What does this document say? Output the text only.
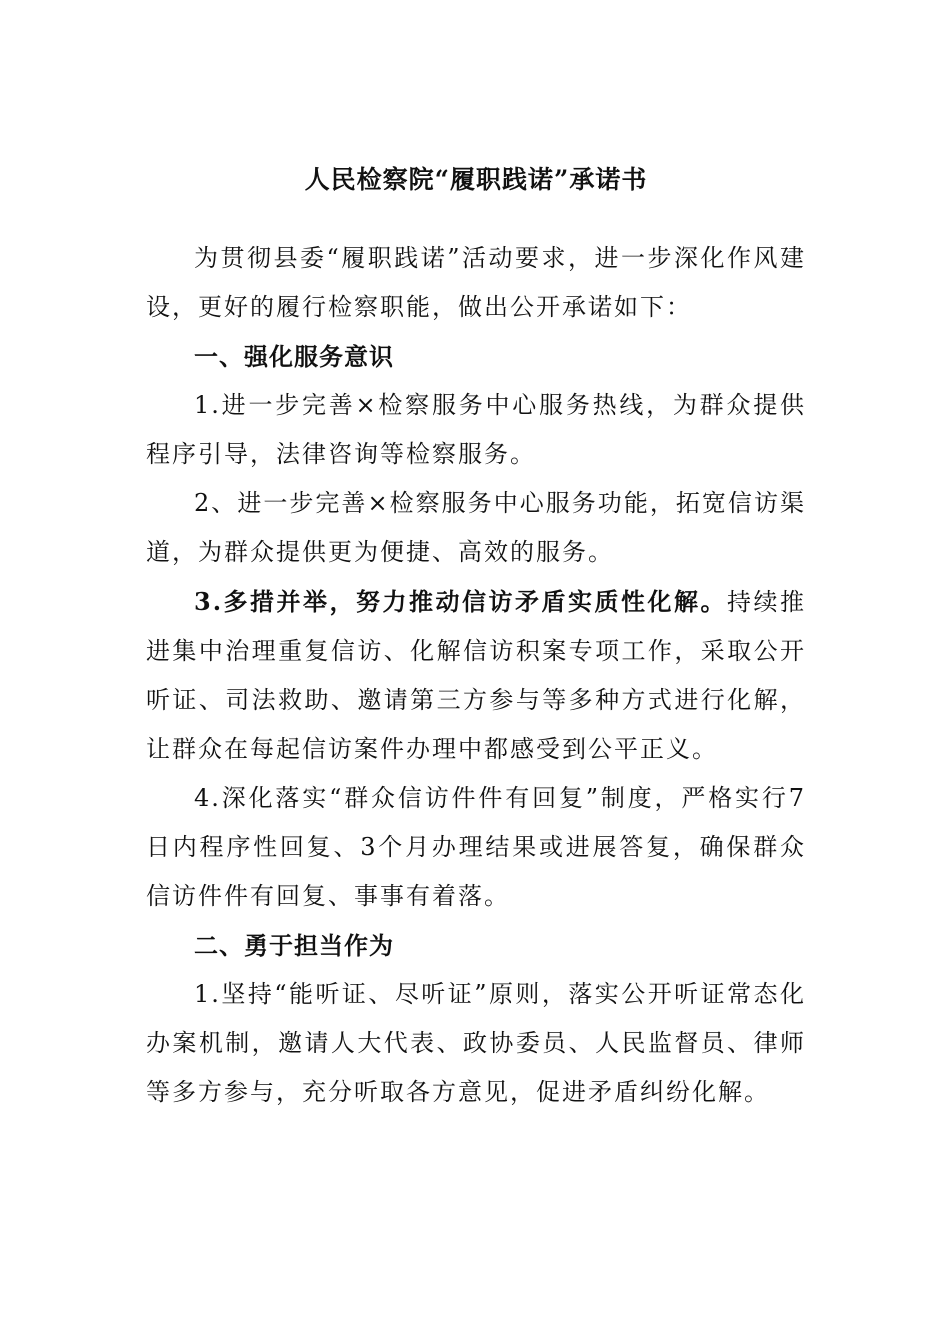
人民检察院“履职践诺”承诺书

为贯彻县委“履职践诺”活动要求，进一步深化作风建设，更好的履行检察职能，做出公开承诺如下：

一、强化服务意识

1.进一步完善×检察服务中心服务热线，为群众提供程序引导，法律咨询等检察服务。

2、进一步完善×检察服务中心服务功能，拓宽信访渠道，为群众提供更为便捷、高效的服务。

3.多措并举，努力推动信访矛盾实质性化解。持续推进集中治理重复信访、化解信访积案专项工作，采取公开听证、司法救助、邀请第三方参与等多种方式进行化解，让群众在每起信访案件办理中都感受到公平正义。

4.深化落实“群众信访件件有回复”制度，严格实行7日内程序性回复、3个月办理结果或进展答复，确保群众信访件件有回复、事事有着落。

二、勇于担当作为

1.坚持“能听证、尽听证”原则，落实公开听证常态化办案机制，邀请人大代表、政协委员、人民监督员、律师等多方参与，充分听取各方意见，促进矛盾纠纷化解。
